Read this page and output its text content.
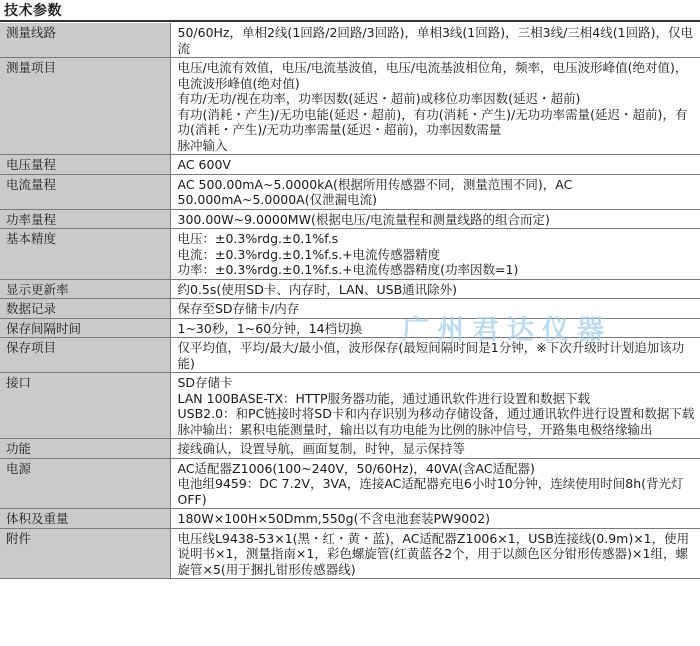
技术参数
测量线路	50/60Hz，单相2线(1回路/2回路/3回路)，单相3线(1回路)，三相3线/三相4线(1回路)，仅电流

测量项目	电压/电流有效值，电压/电流基波值，电压/电流基波相位角，频率，电压波形峰值(绝对值)，电流波形峰值(绝对值)
有功/无功/视在功率，功率因数(延迟・超前)或移位功率因数(延迟・超前)
有功(消耗・产生)/无功电能(延迟・超前)，有功(消耗・产生)/无功功率需量(延迟・超前)，有功(消耗・产生)/无功功率需量(延迟・超前)，功率因数需量
脉冲输入

电压量程	AC 600V

电流量程	AC 500.00mA~5.0000kA(根据所用传感器不同，测量范围不同)，AC 50.000mA~5.0000A(仅泄漏电流)

功率量程	300.00W~9.0000MW(根据电压/电流量程和测量线路的组合而定)

基本精度	电压：±0.3%rdg.±0.1%f.s
电流：±0.3%rdg.±0.1%f.s.+电流传感器精度
功率：±0.3%rdg.±0.1%f.s.+电流传感器精度(功率因数=1)

显示更新率	约0.5s(使用SD卡、内存时，LAN、USB通讯除外)

数据记录	保存至SD存储卡/内存

保存间隔时间	1~30秒，1~60分钟，14档切换

保存项目	仅平均值，平均/最大/最小值，波形保存(最短间隔时间是1分钟，※下次升级时计划追加该功能)

接口	SD存储卡
LAN 100BASE-TX：HTTP服务器功能，通过通讯软件进行设置和数据下载
USB2.0：和PC链接时将SD卡和内存识别为移动存储设备，通过通讯软件进行设置和数据下载
脉冲输出：累积电能测量时，输出以有功电能为比例的脉冲信号，开路集电极络缘输出

功能	接线确认，设置导航，画面复制，时钟，显示保持等

电源	AC适配器Z1006(100~240V，50/60Hz)，40VA(含AC适配器)
电池组9459：DC 7.2V，3VA，连接AC适配器充电6小时10分钟，连续使用时间8h(背光灯OFF)

体积及重量	180W×100H×50Dmm,550g(不含电池套装PW9002)

附件	电压线L9438-53×1(黑・红・黄・蓝)，AC适配器Z1006×1，USB连接线(0.9m)×1，使用说明书×1，测量指南×1，彩色螺旋管(红黄蓝各2个，用于以颜色区分钳形传感器)×1组，螺旋管×5(用于捆扎钳形传感器线)
广州君达仪器
